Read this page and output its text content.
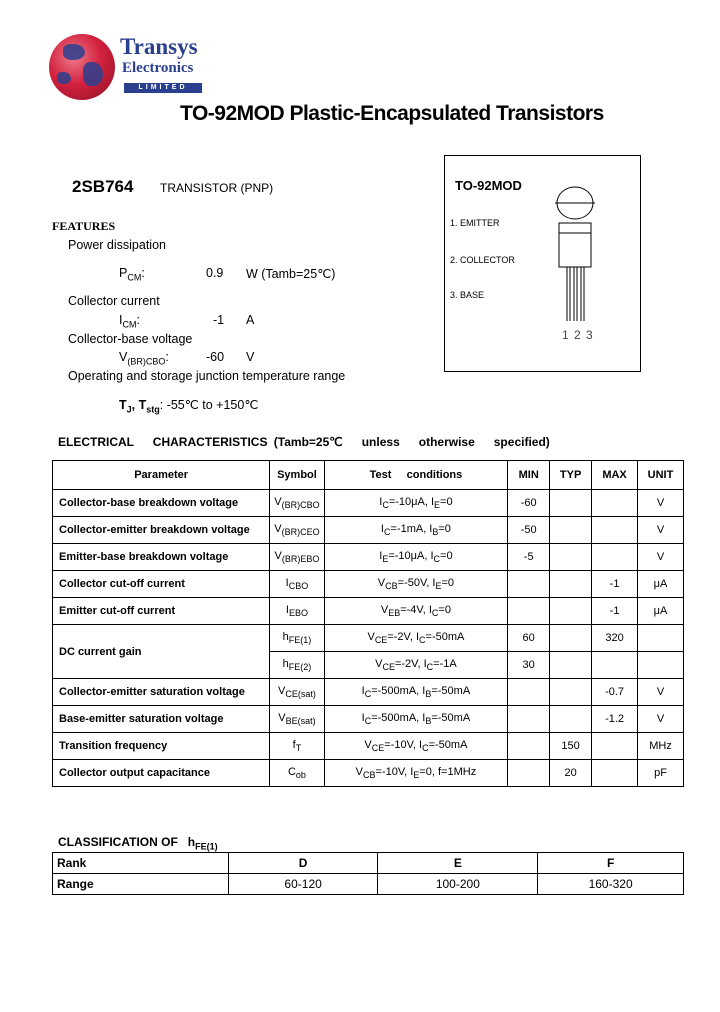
Transys
Electronics
LIMITED
TO-92MOD Plastic-Encapsulated Transistors
TO-92MOD
1. EMITTER
2. COLLECTOR
3. BASE
1 2 3
2SB764 TRANSISTOR (PNP)
FEATURES
Power dissipation
$P_{CM}$:	0.9 W (Tamb=25℃)
Collector current
$I_{CM}$:	-1 A
Collector-base voltage
$V_{(BR)CBO}$:	-60 V
Operating and storage junction temperature range
$T_J$, $T_{stg}$: -55℃ to +150℃
ELECTRICAL   CHARACTERISTICS (Tamb=25℃   unless   otherwise   specified)
Parameter	Symbol	Test     conditions	MIN	TYP	MAX	UNIT
Collector-base breakdown voltage	$V_{(BR)CBO}$	$I_C=-10\mu A$, $I_E=0$	-60			V
Collector-emitter breakdown voltage	$V_{(BR)CEO}$	$I_C=-1mA$, $I_B=0$	-50			V
Emitter-base breakdown voltage	$V_{(BR)EBO}$	$I_E=-10\mu A$, $I_C=0$	-5			V
Collector cut-off current	$I_{CBO}$	$V_{CB}=-50V$, $I_E=0$			-1	μA
Emitter cut-off current	$I_{EBO}$	$V_{EB}=-4V$, $I_C=0$			-1	μA
DC current gain	$h_{FE(1)}$	$V_{CE}=-2V$, $I_C=-50mA$	60		320	
	$h_{FE(2)}$	$V_{CE}=-2V$, $I_C=-1A$	30			
Collector-emitter saturation voltage	$V_{CE(sat)}$	$I_C=-500mA$, $I_B=-50mA$			-0.7	V
Base-emitter saturation voltage	$V_{BE(sat)}$	$I_C=-500mA$, $I_B=-50mA$			-1.2	V
Transition frequency	$f_T$	$V_{CE}=-10V$, $I_C=-50mA$		150		MHz
Collector output capacitance	$C_{ob}$	$V_{CB}=-10V$, $I_E=0$, f=1MHz		20		pF
CLASSIFICATION OF $h_{FE(1)}$
Rank	D	E	F
Range	60-120	100-200	160-320
